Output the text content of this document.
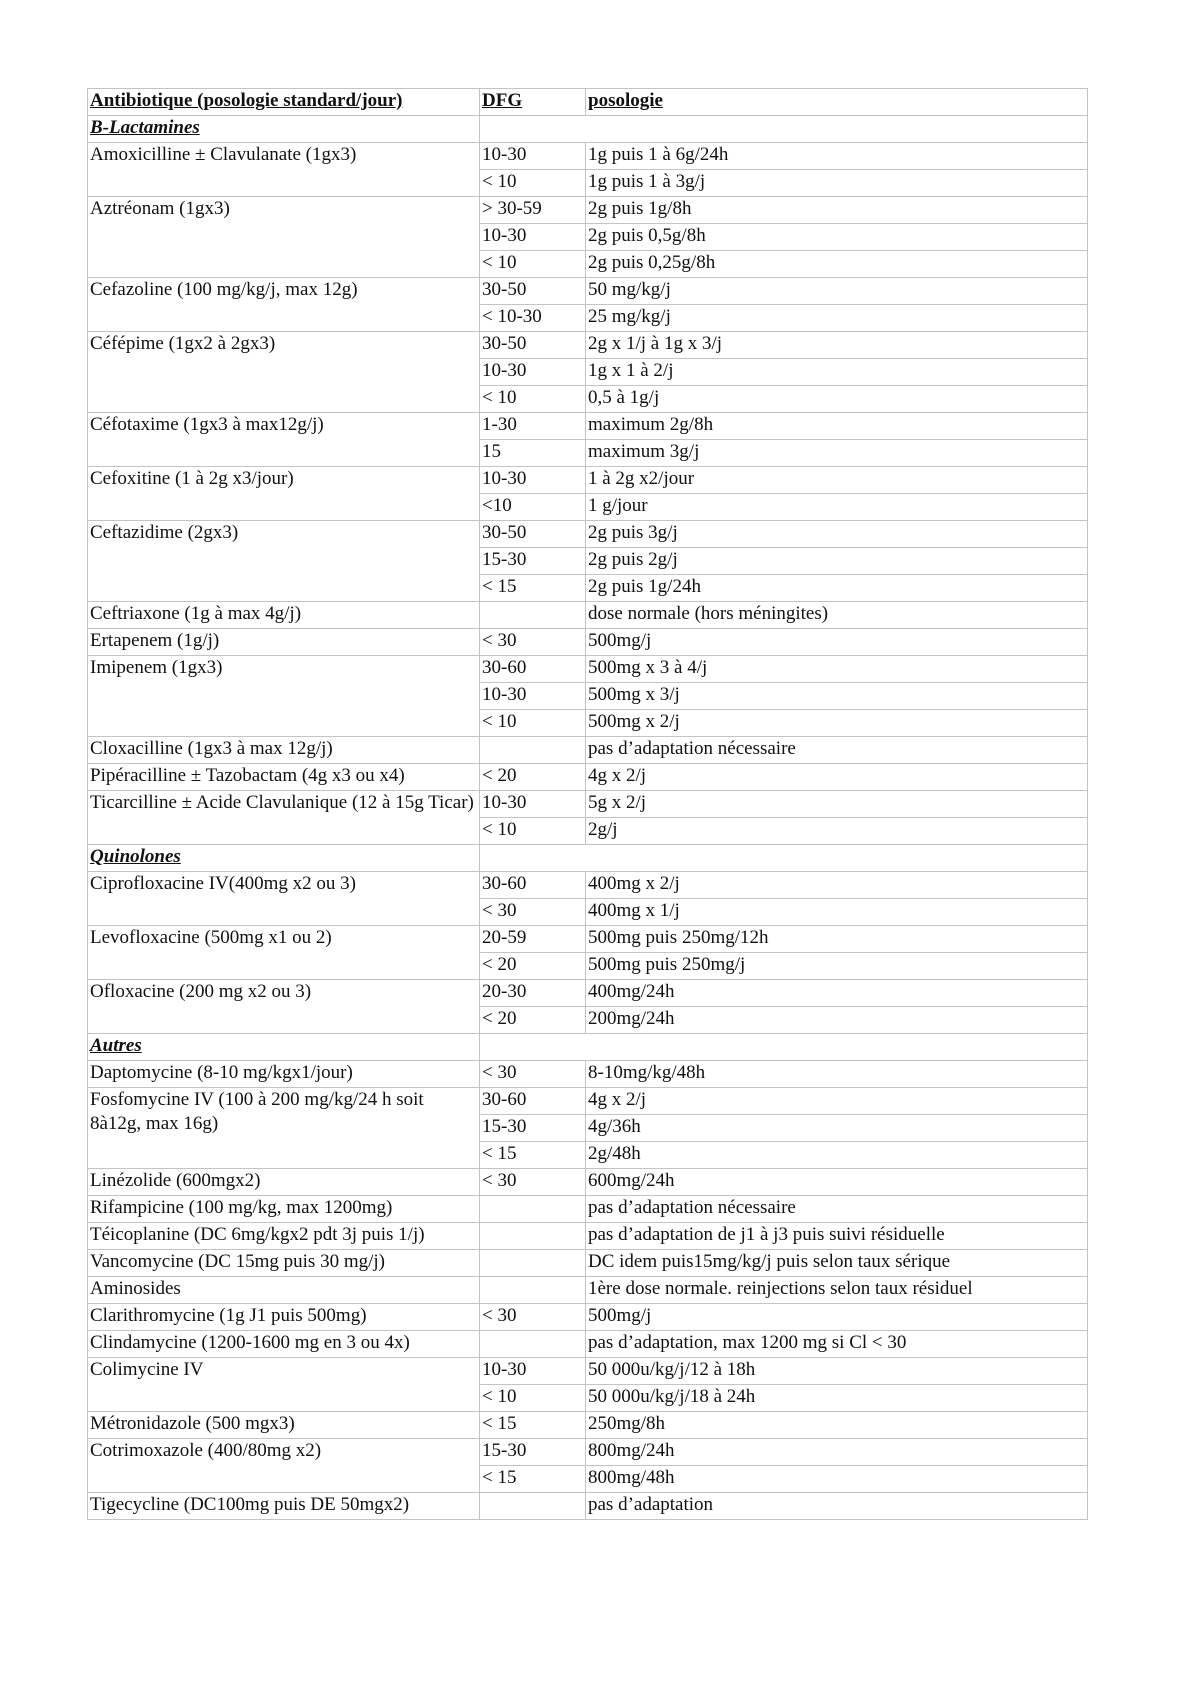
Antibiotique (posologie standard/jour)	DFG	posologie
B-Lactamines		
Amoxicilline ± Clavulanate (1gx3)	10-30	1g puis 1 à 6g/24h
	< 10	1g puis 1 à 3g/j
Aztréonam (1gx3)	> 30-59	2g puis 1g/8h
	10-30	2g puis 0,5g/8h
	< 10	2g puis 0,25g/8h
Cefazoline (100 mg/kg/j, max 12g)	30-50	50 mg/kg/j
	< 10-30	25 mg/kg/j
Céfépime (1gx2 à 2gx3)	30-50	2g x 1/j à 1g x 3/j
	10-30	1g x 1 à 2/j
	< 10	0,5 à 1g/j
Céfotaxime (1gx3 à max12g/j)	1-30	maximum 2g/8h
	15	maximum 3g/j
Cefoxitine (1 à 2g x3/jour)	10-30	1 à 2g x2/jour
	<10	1 g/jour
Ceftazidime (2gx3)	30-50	2g puis 3g/j
	15-30	2g puis 2g/j
	< 15	2g puis 1g/24h
Ceftriaxone (1g à max 4g/j)		dose normale (hors méningites)
Ertapenem (1g/j)	< 30	500mg/j
Imipenem (1gx3)	30-60	500mg x 3 à 4/j
	10-30	500mg x 3/j
	< 10	500mg x 2/j
Cloxacilline (1gx3 à max 12g/j)		pas d’adaptation nécessaire
Pipéracilline ± Tazobactam (4g x3 ou x4)	< 20	4g x 2/j
Ticarcilline ± Acide Clavulanique (12 à 15g Ticar)	10-30	5g x 2/j
	< 10	2g/j
Quinolones		
Ciprofloxacine IV(400mg x2 ou 3)	30-60	400mg x 2/j
	< 30	400mg x 1/j
Levofloxacine (500mg x1 ou 2)	20-59	500mg puis 250mg/12h
	< 20	500mg puis 250mg/j
Ofloxacine (200 mg x2 ou 3)	20-30	400mg/24h
	< 20	200mg/24h
Autres		
Daptomycine (8-10 mg/kgx1/jour)	< 30	8-10mg/kg/48h
Fosfomycine IV (100 à 200 mg/kg/24 h soit 8à12g, max 16g)	30-60	4g x 2/j
	15-30	4g/36h
	< 15	2g/48h
Linézolide (600mgx2)	< 30	600mg/24h
Rifampicine (100 mg/kg, max 1200mg)		pas d’adaptation nécessaire
Téicoplanine (DC 6mg/kgx2 pdt 3j puis 1/j)		pas d’adaptation de j1 à j3 puis suivi résiduelle
Vancomycine (DC 15mg puis 30 mg/j)		DC idem puis15mg/kg/j puis selon taux sérique
Aminosides		1ère dose normale. reinjections selon taux résiduel
Clarithromycine (1g J1 puis 500mg)	< 30	500mg/j
Clindamycine (1200-1600 mg en 3 ou 4x)		pas d’adaptation, max 1200 mg si Cl < 30
Colimycine IV	10-30	50 000u/kg/j/12 à 18h
	< 10	50 000u/kg/j/18 à 24h
Métronidazole (500 mgx3)	< 15	250mg/8h
Cotrimoxazole (400/80mg x2)	15-30	800mg/24h
	< 15	800mg/48h
Tigecycline (DC100mg puis DE 50mgx2)		pas d’adaptation
